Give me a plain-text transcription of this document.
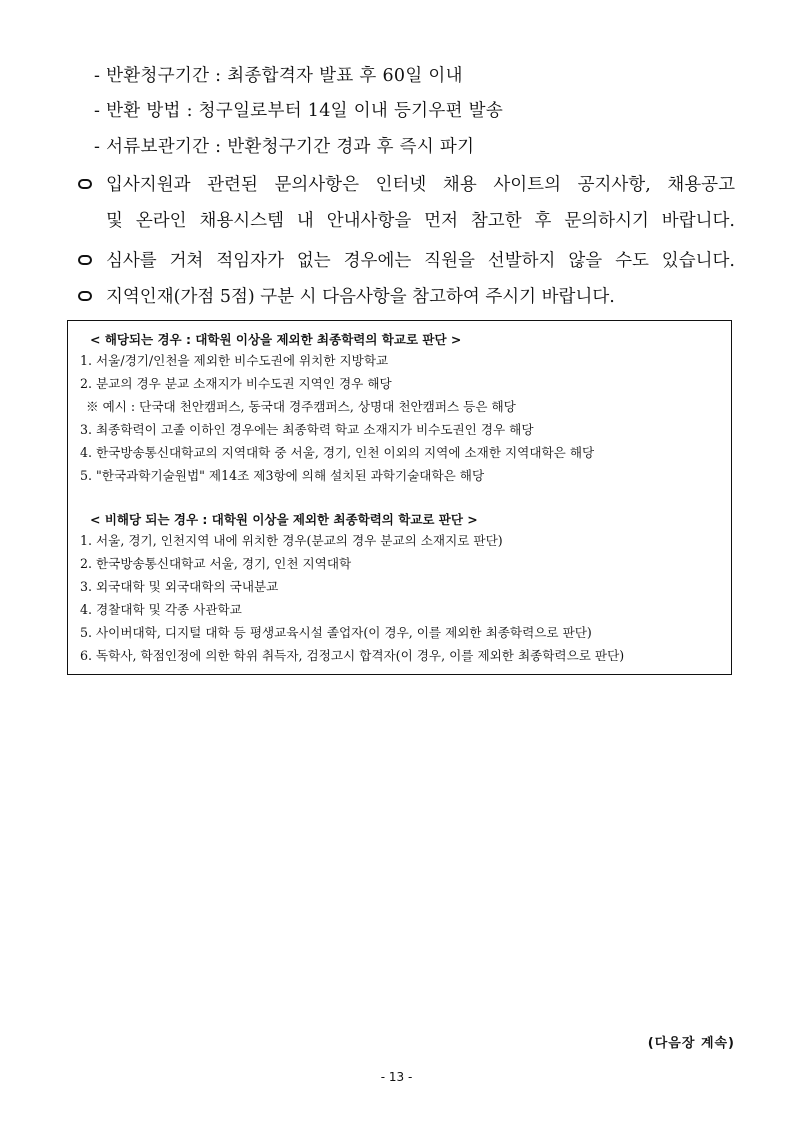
- 반환청구기간 : 최종합격자 발표 후 60일 이내
- 반환 방법 : 청구일로부터 14일 이내 등기우편 발송
- 서류보관기간 : 반환청구기간 경과 후 즉시 파기
입사지원과 관련된 문의사항은 인터넷 채용 사이트의 공지사항, 채용공고
및 온라인 채용시스템 내 안내사항을 먼저 참고한 후 문의하시기 바랍니다.
심사를 거쳐 적임자가 없는 경우에는 직원을 선발하지 않을 수도 있습니다.
지역인재(가점 5점) 구분 시 다음사항을 참고하여 주시기 바랍니다.
< 해당되는 경우 : 대학원 이상을 제외한 최종학력의 학교로 판단 >
1. 서울/경기/인천을 제외한 비수도권에 위치한 지방학교
2. 분교의 경우 분교 소재지가 비수도권 지역인 경우 해당
※ 예시 : 단국대 천안캠퍼스, 동국대 경주캠퍼스, 상명대 천안캠퍼스 등은 해당
3. 최종학력이 고졸 이하인 경우에는 최종학력 학교 소재지가 비수도권인 경우 해당
4. 한국방송통신대학교의 지역대학 중 서울, 경기, 인천 이외의 지역에 소재한 지역대학은 해당
5. "한국과학기술원법" 제14조 제3항에 의해 설치된 과학기술대학은 해당
< 비해당 되는 경우 : 대학원 이상을 제외한 최종학력의 학교로 판단 >
1. 서울, 경기, 인천지역 내에 위치한 경우(분교의 경우 분교의 소재지로 판단)
2. 한국방송통신대학교 서울, 경기, 인천 지역대학
3. 외국대학 및 외국대학의 국내분교
4. 경찰대학 및 각종 사관학교
5. 사이버대학, 디지털 대학 등 평생교육시설 졸업자(이 경우, 이를 제외한 최종학력으로 판단)
6. 독학사, 학점인정에 의한 학위 취득자, 검정고시 합격자(이 경우, 이를 제외한 최종학력으로 판단)
(다음장 계속)
- 13 -
